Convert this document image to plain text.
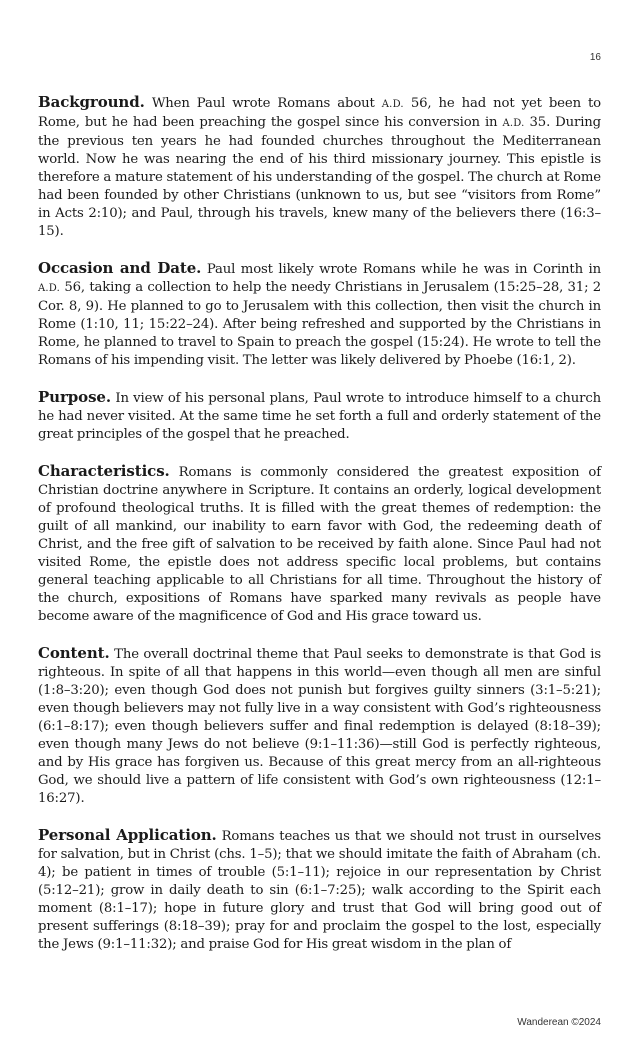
16

Background. When Paul wrote Romans about A.D. 56, he had not yet been to Rome, but he had been preaching the gospel since his conversion in A.D. 35. During the previous ten years he had founded churches throughout the Mediterranean world. Now he was nearing the end of his third missionary journey. This epistle is therefore a mature statement of his understanding of the gospel. The church at Rome had been founded by other Christians (unknown to us, but see “visitors from Rome” in Acts 2:10); and Paul, through his travels, knew many of the believers there (16:3–15).

Occasion and Date. Paul most likely wrote Romans while he was in Corinth in A.D. 56, taking a collection to help the needy Christians in Jerusalem (15:25–28, 31; 2 Cor. 8, 9). He planned to go to Jerusalem with this collection, then visit the church in Rome (1:10, 11; 15:22–24). After being refreshed and supported by the Christians in Rome, he planned to travel to Spain to preach the gospel (15:24). He wrote to tell the Romans of his impending visit. The letter was likely delivered by Phoebe (16:1, 2).

Purpose. In view of his personal plans, Paul wrote to introduce himself to a church he had never visited. At the same time he set forth a full and orderly statement of the great principles of the gospel that he preached.

Characteristics. Romans is commonly considered the greatest exposition of Christian doctrine anywhere in Scripture. It contains an orderly, logical development of profound theological truths. It is filled with the great themes of redemption: the guilt of all mankind, our inability to earn favor with God, the redeeming death of Christ, and the free gift of salvation to be received by faith alone. Since Paul had not visited Rome, the epistle does not address specific local problems, but contains general teaching applicable to all Christians for all time. Throughout the history of the church, expositions of Romans have sparked many revivals as people have become aware of the magnificence of God and His grace toward us.

Content. The overall doctrinal theme that Paul seeks to demonstrate is that God is righteous. In spite of all that happens in this world—even though all men are sinful (1:8–3:20); even though God does not punish but forgives guilty sinners (3:1–5:21); even though believers may not fully live in a way consistent with God’s righteousness (6:1–8:17); even though believers suffer and final redemption is delayed (8:18–39); even though many Jews do not believe (9:1–11:36)—still God is perfectly righteous, and by His grace has forgiven us. Because of this great mercy from an all-righteous God, we should live a pattern of life consistent with God’s own righteousness (12:1–16:27).

Personal Application. Romans teaches us that we should not trust in ourselves for salvation, but in Christ (chs. 1–5); that we should imitate the faith of Abraham (ch. 4); be patient in times of trouble (5:1–11); rejoice in our representation by Christ (5:12–21); grow in daily death to sin (6:1–7:25); walk according to the Spirit each moment (8:1–17); hope in future glory and trust that God will bring good out of present sufferings (8:18–39); pray for and proclaim the gospel to the lost, especially the Jews (9:1–11:32); and praise God for His great wisdom in the plan of

Wanderean ©2024
